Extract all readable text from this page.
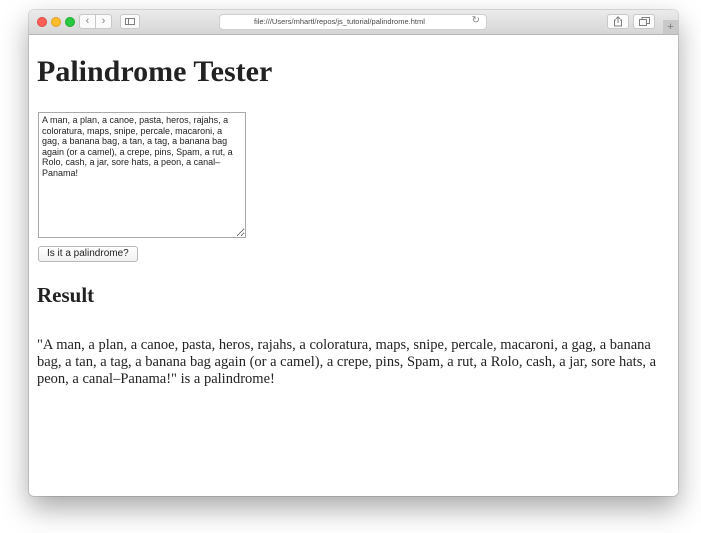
‹ ›	file:///Users/mhartl/repos/js_tutorial/palindrome.html	↻
+
Palindrome Tester
A man, a plan, a canoe, pasta, heros, rajahs, a coloratura, maps, snipe, percale, macaroni, a gag, a banana bag, a tan, a tag, a banana bag again (or a camel), a crepe, pins, Spam, a rut, a Rolo, cash, a jar, sore hats, a peon, a canal–Panama!
Is it a palindrome?
Result

"A man, a plan, a canoe, pasta, heros, rajahs, a coloratura, maps, snipe, percale, macaroni, a gag, a banana bag, a tan, a tag, a banana bag again (or a camel), a crepe, pins, Spam, a rut, a Rolo, cash, a jar, sore hats, a peon, a canal–Panama!" is a palindrome!
